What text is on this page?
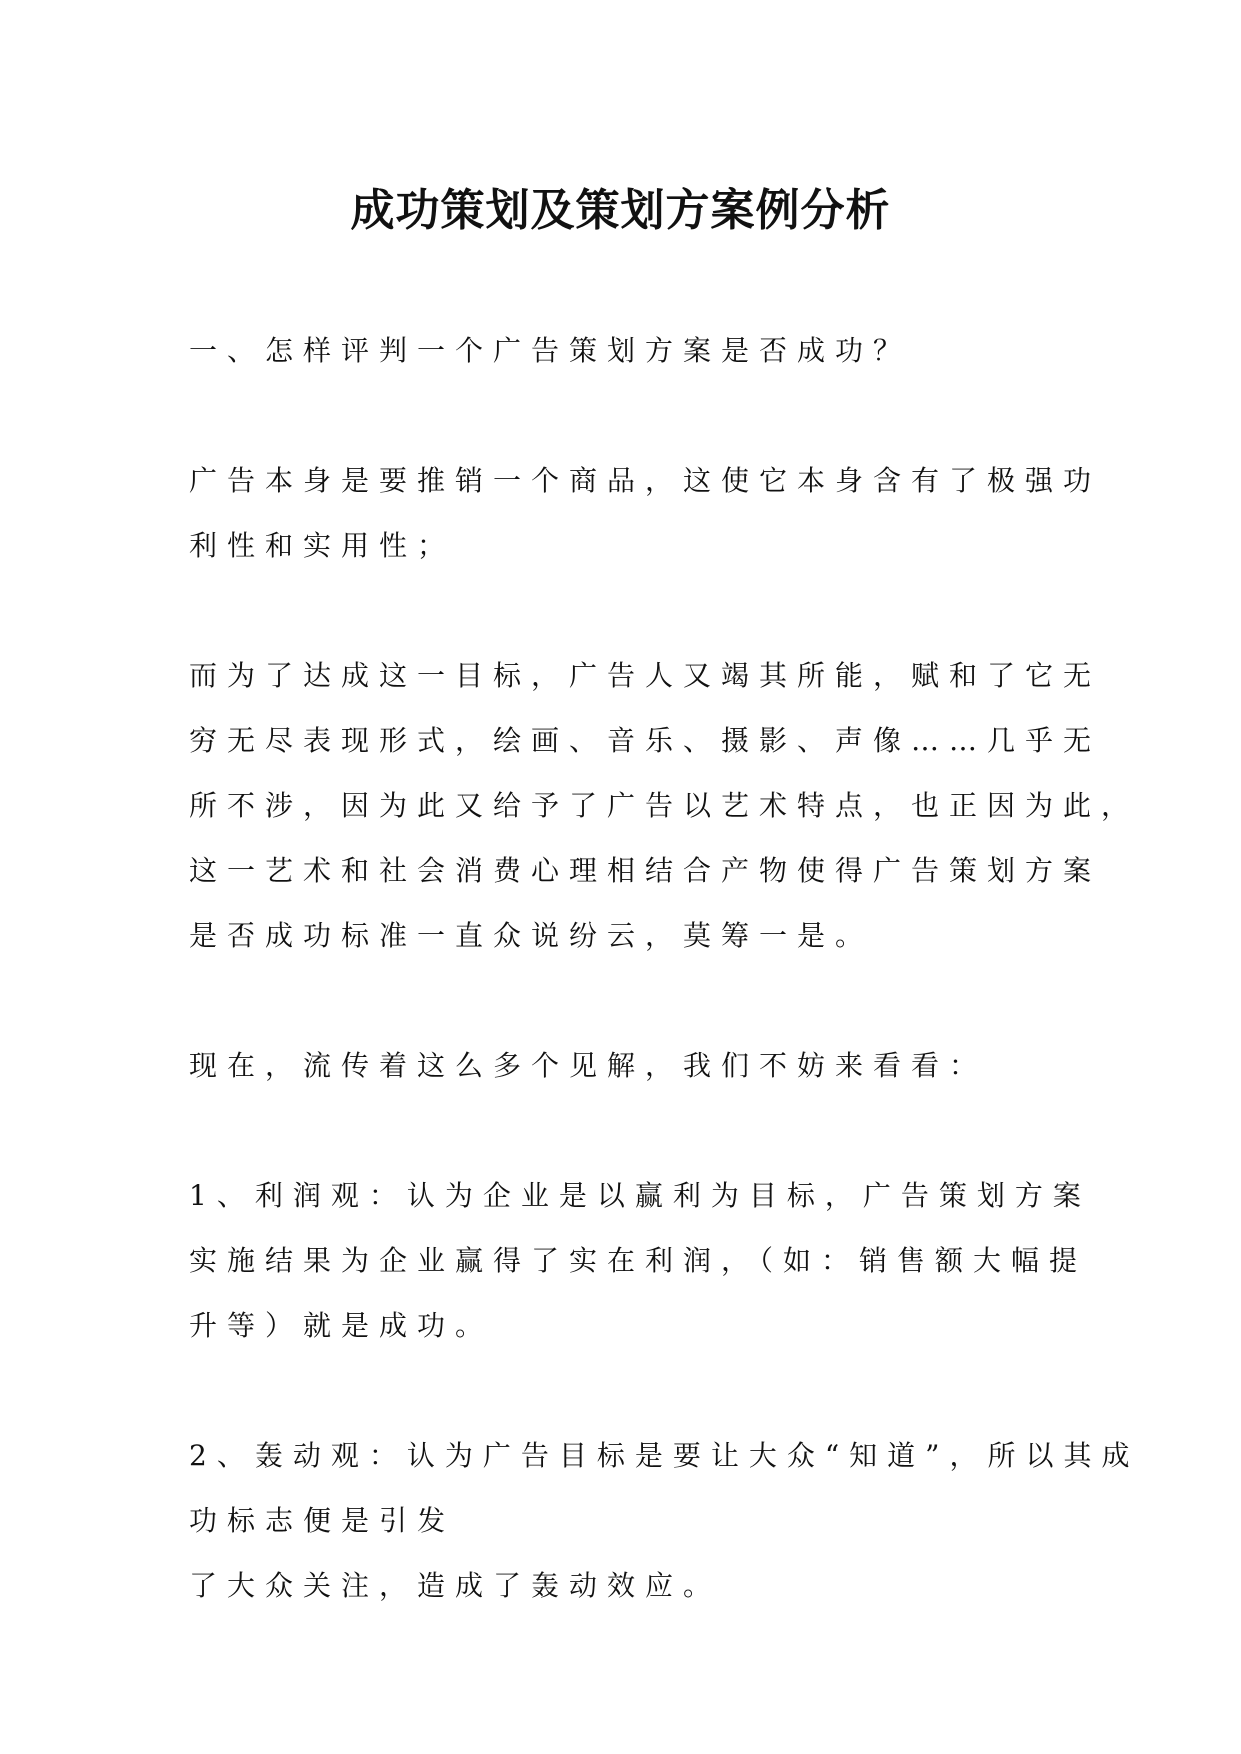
成功策划及策划方案例分析

一、怎样评判一个广告策划方案是否成功？

广告本身是要推销一个商品，这使它本身含有了极强功
利性和实用性；

而为了达成这一目标，广告人又竭其所能，赋和了它无
穷无尽表现形式，绘画、音乐、摄影、声像……几乎无
所不涉，因为此又给予了广告以艺术特点，也正因为此，
这一艺术和社会消费心理相结合产物使得广告策划方案
是否成功标准一直众说纷云，莫筹一是。

现在，流传着这么多个见解，我们不妨来看看：

1、利润观：认为企业是以赢利为目标，广告策划方案
实施结果为企业赢得了实在利润，（如：销售额大幅提
升等）就是成功。

2、轰动观：认为广告目标是要让大众“知道”，所以其成
功标志便是引发
了大众关注，造成了轰动效应。
